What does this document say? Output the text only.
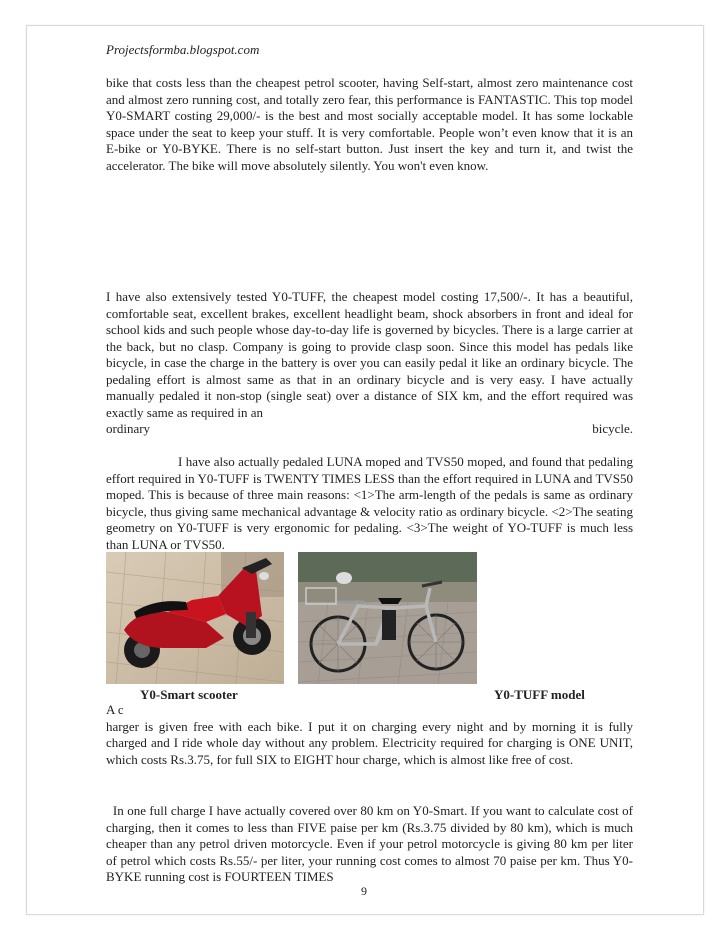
Projectsformba.blogspot.com

bike that costs less than the cheapest petrol scooter, having Self-start, almost zero maintenance cost and almost zero running cost, and totally zero fear, this performance is FANTASTIC. This top model Y0-SMART costing 29,000/- is the best and most socially acceptable model. It has some lockable space under the seat to keep your stuff. It is very comfortable. People won’t even know that it is an E-bike or Y0-BYKE. There is no self-start button. Just insert the key and turn it, and twist the accelerator. The bike will move absolutely silently. You won't even know.

I have also extensively tested Y0-TUFF, the cheapest model costing 17,500/-. It has a beautiful, comfortable seat, excellent brakes, excellent headlight beam, shock absorbers in front and ideal for school kids and such people whose day-to-day life is governed by bicycles. There is a large carrier at the back, but no clasp. Company is going to provide clasp soon. Since this model has pedals like bicycle, in case the charge in the battery is over you can easily pedal it like an ordinary bicycle. The pedaling effort is almost same as that in an ordinary bicycle and is very easy. I have actually manually pedaled it non-stop (single seat) over a distance of SIX km, and the effort required was exactly same as required in an
ordinary	bicycle.

I have also actually pedaled LUNA moped and TVS50 moped, and found that pedaling effort required in Y0-TUFF is TWENTY TIMES LESS than the effort required in LUNA and TVS50 moped. This is because of three main reasons: <1>The arm-length of the pedals is same as ordinary bicycle, thus giving same mechanical advantage & velocity ratio as ordinary bicycle. <2>The seating geometry on Y0-TUFF is very ergonomic for pedaling. <3>The weight of YO-TUFF is much less than LUNA or TVS50.

Y0-Smart scooter	Y0-TUFF model
A c
harger is given free with each bike. I put it on charging every night and by morning it is fully charged and I ride whole day without any problem. Electricity required for charging is ONE UNIT, which costs Rs.3.75, for full SIX to EIGHT hour charge, which is almost like free of cost.

In one full charge I have actually covered over 80 km on Y0-Smart. If you want to calculate cost of charging, then it comes to less than FIVE paise per km (Rs.3.75 divided by 80 km), which is much cheaper than any petrol driven motorcycle. Even if your petrol motorcycle is giving 80 km per liter of petrol which costs Rs.55/- per liter, your running cost comes to almost 70 paise per km. Thus Y0-BYKE running cost is FOURTEEN TIMES

9
